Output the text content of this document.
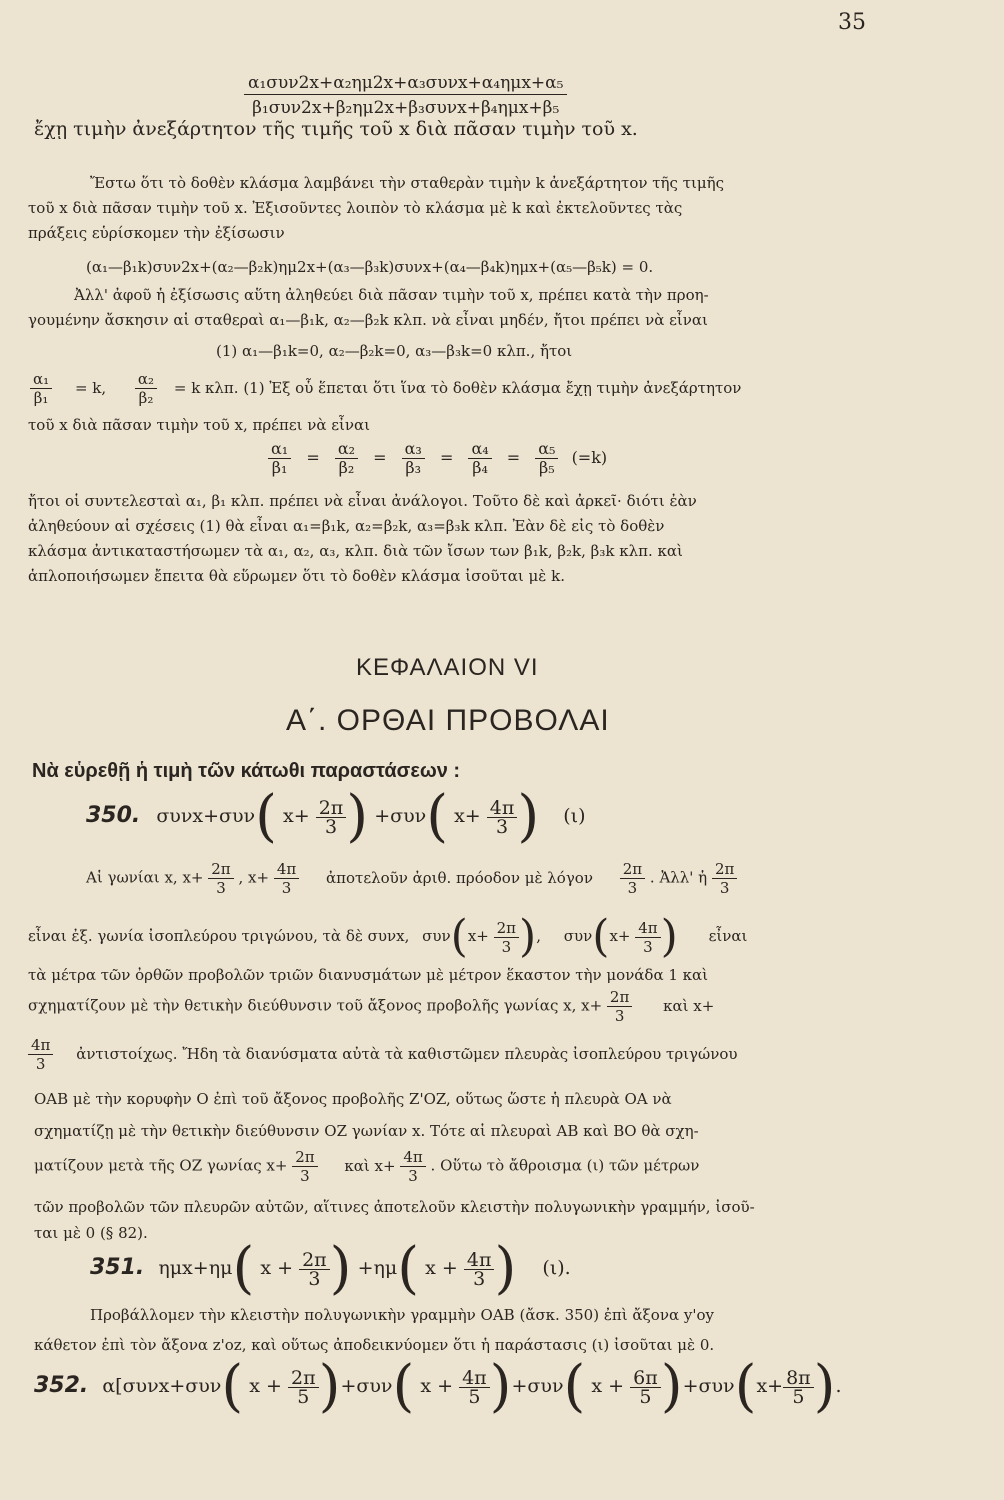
35
α₁συν2x+α₂ημ2x+α₃συνx+α₄ημx+α₅
β₁συν2x+β₂ημ2x+β₃συνx+β₄ημx+β₅
ἔχῃ τιμὴν ἀνεξάρτητον τῆς τιμῆς τοῦ x διὰ πᾶσαν τιμὴν τοῦ x.
Ἔστω ὅτι τὸ δοθὲν κλάσμα λαμβάνει τὴν σταθερὰν τιμὴν k ἀνεξάρτητον τῆς τιμῆς
τοῦ x διὰ πᾶσαν τιμὴν τοῦ x. Ἐξισοῦντες λοιπὸν τὸ κλάσμα μὲ k καὶ ἐκτελοῦντες τὰς
πράξεις εὑρίσκομεν τὴν ἐξίσωσιν
(α₁—β₁k)συν2x+(α₂—β₂k)ημ2x+(α₃—β₃k)συνx+(α₄—β₄k)ημx+(α₅—β₅k) = 0.
Ἀλλ' ἀφοῦ ἡ ἐξίσωσις αὕτη ἀληθεύει διὰ πᾶσαν τιμὴν τοῦ x, πρέπει κατὰ τὴν προη-
γουμένην ἄσκησιν αἱ σταθεραὶ α₁—β₁k, α₂—β₂k κλπ. νὰ εἶναι μηδέν, ἤτοι πρέπει νὰ εἶναι
(1) α₁—β₁k=0, α₂—β₂k=0, α₃—β₃k=0 κλπ., ἤτοι
$\frac{\text{α₁}}{\text{β₁}} = k$, $\frac{\text{α₂}}{\text{β₂}} = k$ κλπ. (1) Ἐξ οὗ ἕπεται ὅτι ἵνα τὸ δοθὲν κλάσμα ἔχῃ τιμὴν ἀνεξάρτητον
τοῦ x διὰ πᾶσαν τιμὴν τοῦ x, πρέπει νὰ εἶναι
$\frac{\text{α₁}}{\text{β₁}} = \frac{\text{α₂}}{\text{β₂}} = \frac{\text{α₃}}{\text{β₃}} = \frac{\text{α₄}}{\text{β₄}} = \frac{\text{α₅}}{\text{β₅}} (=k)$
ἤτοι οἱ συντελεσταὶ α₁, β₁ κλπ. πρέπει νὰ εἶναι ἀνάλογοι. Τοῦτο δὲ καὶ ἀρκεῖ· διότι ἐὰν
ἀληθεύουν αἱ σχέσεις (1) θὰ εἶναι α₁=β₁k, α₂=β₂k, α₃=β₃k κλπ. Ἐὰν δὲ εἰς τὸ δοθὲν
κλάσμα ἀντικαταστήσωμεν τὰ α₁, α₂, α₃, κλπ. διὰ τῶν ἴσων των β₁k, β₂k, β₃k κλπ. καὶ
ἁπλοποιήσωμεν ἔπειτα θὰ εὕρωμεν ὅτι τὸ δοθὲν κλάσμα ἰσοῦται μὲ k.
ΚΕΦΑΛΑΙΟΝ VI
Α΄. ΟΡΘΑΙ ΠΡΟΒΟΛΑΙ
Νὰ εὑρεθῇ ἡ τιμὴ τῶν κάτωθι παραστάσεων :
350. συνx+συν( $x+ \frac{2\pi}{3}$ ) +συν( $x+ \frac{4\pi}{3}$ ) (ι)
Αἱ γωνίαι x, $x+ \frac{2\pi}{3}$ , $x+ \frac{4\pi}{3}$ ἀποτελοῦν ἀριθ. πρόοδον μὲ λόγον $\frac{2\pi}{3}$ . Ἀλλ' ἡ $\frac{2\pi}{3}$
εἶναι ἐξ. γωνία ἰσοπλεύρου τριγώνου, τὰ δὲ συνx, $\sigma\upsilon\nu(x+ \frac{2\pi}{3}$ ), $\sigma\upsilon\nu(x+ \frac{4\pi}{3}$ ) εἶναι
τὰ μέτρα τῶν ὀρθῶν προβολῶν τριῶν διανυσμάτων μὲ μέτρον ἕκαστον τὴν μονάδα 1 καὶ
σχηματίζουν μὲ τὴν θετικὴν διεύθυνσιν τοῦ ἄξονος προβολῆς γωνίας x, $x+ \frac{2\pi}{3}$ καὶ x+
$\frac{4\pi}{3}$ ἀντιστοίχως. Ἤδη τὰ διανύσματα αὐτὰ τὰ καθιστῶμεν πλευρὰς ἰσοπλεύρου τριγώνου
ΟΑΒ μὲ τὴν κορυφὴν Ο ἐπὶ τοῦ ἄξονος προβολῆς Z'OZ, οὕτως ὥστε ἡ πλευρὰ ΟΑ νὰ
σχηματίζῃ μὲ τὴν θετικὴν διεύθυνσιν ΟΖ γωνίαν x. Τότε αἱ πλευραὶ ΑΒ καὶ ΒΟ θὰ σχη-
ματίζουν μετὰ τῆς ΟΖ γωνίας $x+ \frac{2\pi}{3}$ καὶ $x+ \frac{4\pi}{3}$ . Οὕτω τὸ ἄθροισμα (ι) τῶν μέτρων
τῶν προβολῶν τῶν πλευρῶν αὐτῶν, αἵτινες ἀποτελοῦν κλειστὴν πολυγωνικὴν γραμμήν, ἰσοῦ-
ται μὲ 0 (§ 82).
351. ημx+ημ( $x + \frac{2\pi}{3}$ ) +ημ( $x + \frac{4\pi}{3}$ ) (ι).
Προβάλλομεν τὴν κλειστὴν πολυγωνικὴν γραμμὴν ΟΑΒ (ἄσκ. 350) ἐπὶ ἄξονα y'oy
κάθετον ἐπὶ τὸν ἄξονα z'oz, καὶ οὕτως ἀποδεικνύομεν ὅτι ἡ παράστασις (ι) ἰσοῦται μὲ 0.
352. α[συνx+συν( $x + \frac{2\pi}{5} )+\sigma\upsilon\nu$( $x + \frac{4\pi}{5} )+\sigma\upsilon\nu$( $x + \frac{6\pi}{5} )+\sigma\upsilon\nu(x+ \frac{8\pi}{5}$ ).
